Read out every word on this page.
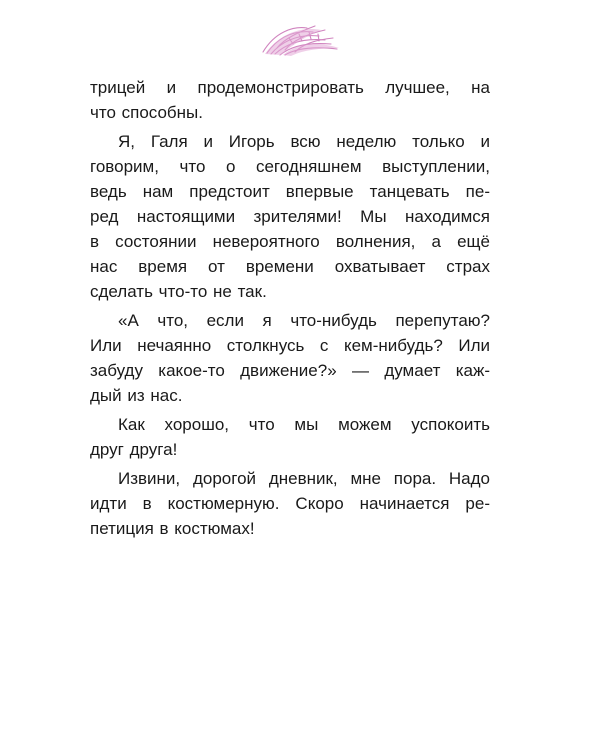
трицей и продемонстрировать лучшее, на
что способны.

Я, Галя и Игорь всю неделю только и
говорим, что о сегодняшнем выступлении,
ведь нам предстоит впервые танцевать пе-
ред настоящими зрителями! Мы находимся
в состоянии невероятного волнения, а ещё
нас время от времени охватывает страх
сделать что-то не так.

«А что, если я что-нибудь перепутаю?
Или нечаянно столкнусь с кем-нибудь? Или
забуду какое-то движение?» — думает каж-
дый из нас.

Как хорошо, что мы можем успокоить
друг друга!

Извини, дорогой дневник, мне пора. Надо
идти в костюмерную. Скоро начинается ре-
петиция в костюмах!
